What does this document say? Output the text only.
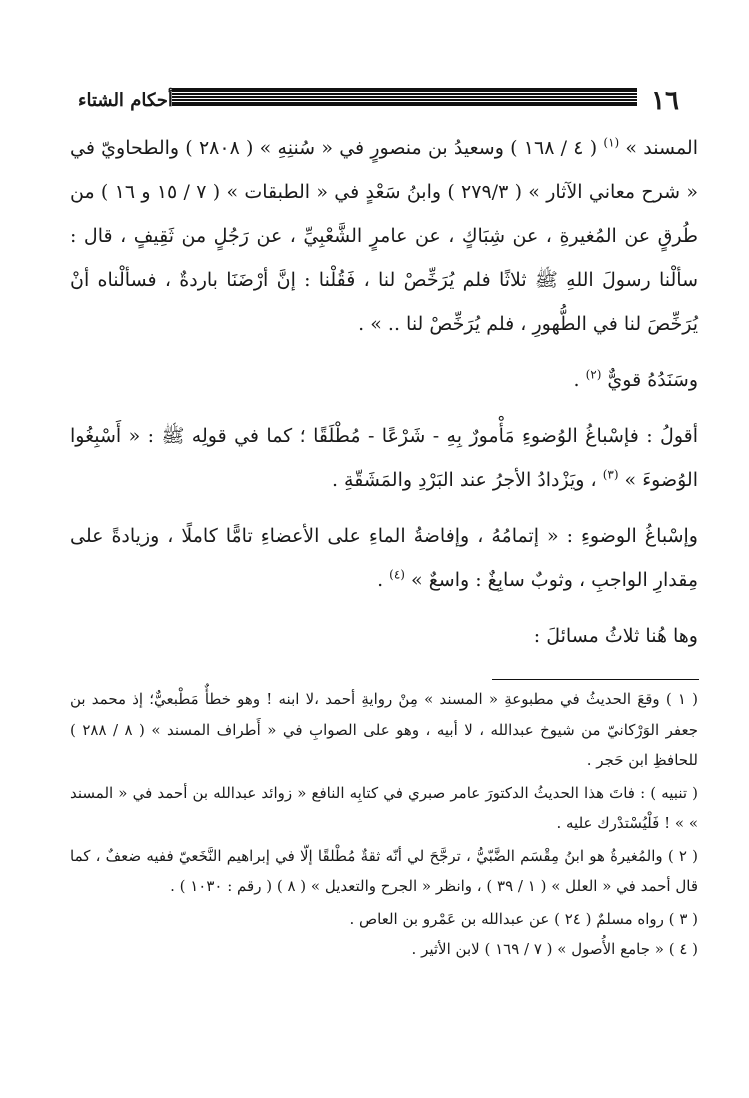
١٦
أحكام الشتاء

المسند » $^{(١)}$ ( ٤ / ١٦٨ ) وسعيدُ بن منصورٍ في « سُننِهِ » ( ٢٨٠٨ ) والطحاويّ في « شرح معاني الآثار » ( ٢٧٩/٣ ) وابنُ سَعْدٍ في « الطبقات » ( ٧ / ١٥ و ١٦ ) من طُرقٍ عن المُغيرةِ ، عن شِبَاكٍ ، عن عامرٍ الشَّعْبِيِّ ، عن رَجُلٍ من ثَقِيفٍ ، قال : سألْنا رسولَ اللهِ ﷺ ثلاثًا فلم يُرَخِّصْ لنا ، فَقُلْنا : إنَّ أرْضَنَا باردةٌ ، فسألْناه أنْ يُرَخِّصَ لنا في الطُّهورِ ، فلم يُرَخِّصْ لنا .. » .

وسَنَدُهُ قويٌّ $^{(٢)}$ .

أقولُ : فإسْباغُ الوُضوءِ مَأْمورٌ بِهِ - شَرْعًا - مُطْلَقًا ؛ كما في قولِه ﷺ : « أَسْبِغُوا الوُضوءَ » $^{(٣)}$ ، ويَزْدادُ الأجرُ عند البَرْدِ والمَشَقّةِ .

وإسْباغُ الوضوءِ : « إتمامُهُ ، وإفاضةُ الماءِ على الأعضاءِ تامًّا كاملًا ، وزيادةً على مِقدارِ الواجبِ ، وثوبٌ سابِغٌ : واسعٌ » $^{(٤)}$ .

وها هُنا ثلاثُ مسائلَ :

( ١ ) وقعَ الحديثُ في مطبوعةِ « المسند » مِنْ روايةِ أحمد ،لا ابنه ! وهو خطأٌ مَطْبعيٌّ؛ إذ محمد بن جعفر الوَرْكانيّ من شيوخ عبدالله ، لا أبيه ، وهو على الصوابِ في « أَطراف المسند » ( ٨ / ٢٨٨ ) للحافظِ ابن حَجر .

( تنبيه ) : فاتَ هذا الحديثُ الدكتورَ عامر صبري في كتابِه النافع « زوائد عبدالله بن أحمد في « المسند » » ! فَلْيُسْتدْرك عليه .

( ٢ ) والمُغيرةُ هو ابنُ مِقْسَم الضَّبّيُّ ، ترجَّحَ لي أنّه ثقةٌ مُطْلقًا إلّا في إبراهيم النَّخَعيّ ففيه ضعفٌ ، كما قال أحمد في « العلل » ( ١ / ٣٩ ) ، وانظر « الجرح والتعديل » ( ٨ ) ( رقم : ١٠٣٠ ) .

( ٣ ) رواه مسلمٌ ( ٢٤ ) عن عبدالله بن عَمْرو بن العاص .

( ٤ ) « جامع الأُصول » ( ٧ / ١٦٩ ) لابن الأثير .
